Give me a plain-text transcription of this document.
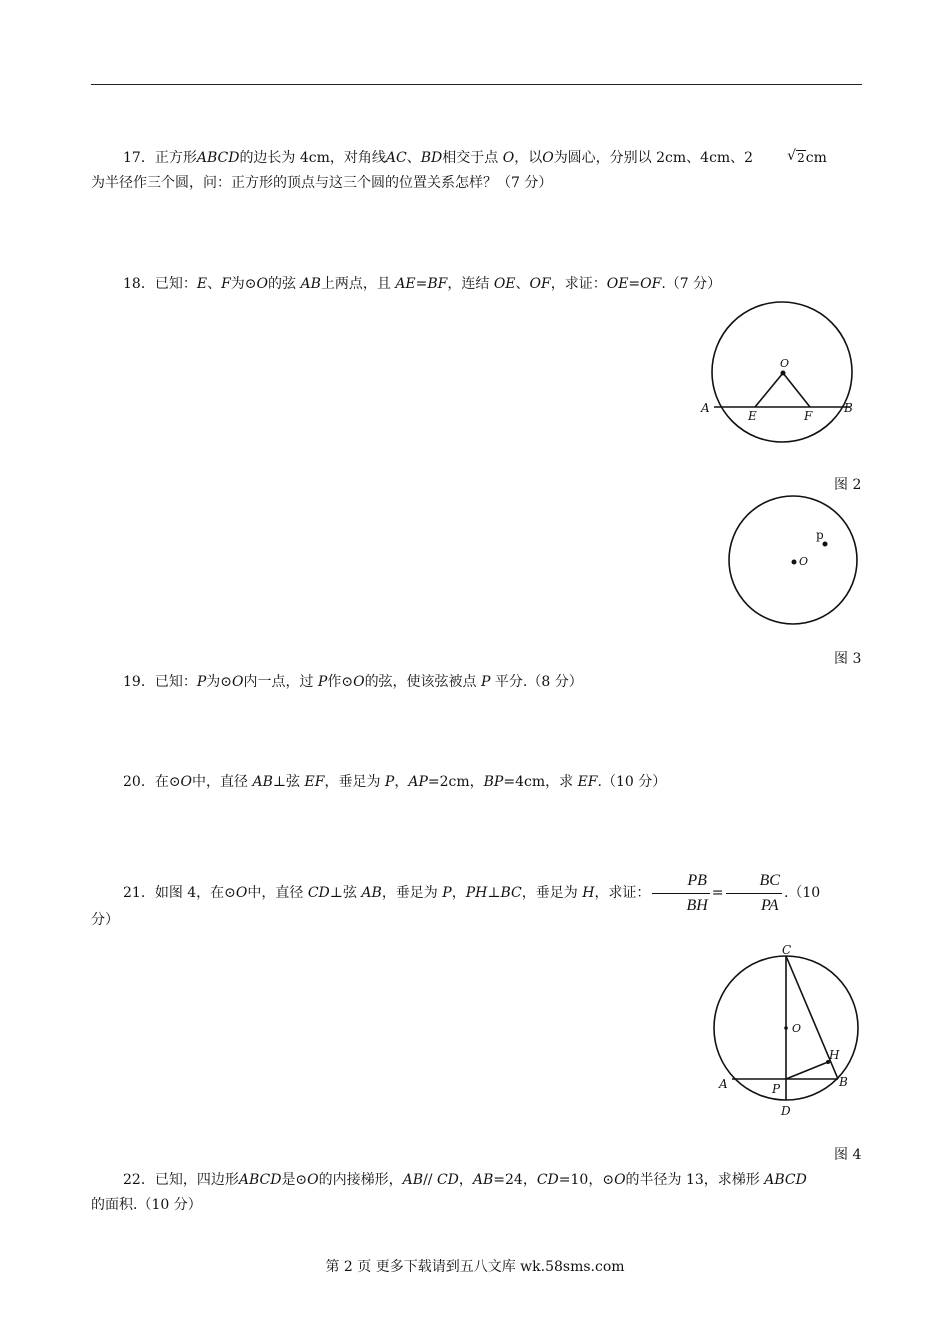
17．正方形ABCD的边长为 4cm，对角线AC、BD相交于点 O，以O为圆心，分别以 2cm、4cm、2	√ 2cm

为半径作三个圆，问：正方形的顶点与这三个圆的位置关系怎样？（7 分）

18．已知：E、F为⊙O的弦 AB上两点，且 AE=BF，连结 OE、OF，求证：OE=OF.（7 分）

O
A
E	F
B
图 2
p
O
图 3

19．已知：P为⊙O内一点，过 P作⊙O的弦，使该弦被点 P 平分.（8 分）

20．在⊙O中，直径 AB⊥弦 EF，垂足为 P，AP=2cm，BP=4cm，求 EF.（10 分）

21．如图 4，在⊙O中，直径 CD⊥弦 AB，垂足为 P，PH⊥BC，垂足为 H，求证： $\frac{PB}{BH} = \frac{BC}{PA} .(10$

分）

C
O
H
A	P	B
D
图 4

22．已知，四边形ABCD是⊙O的内接梯形，AB// CD，AB=24，CD=10，⊙O的半径为 13，求梯形 ABCD

的面积.（10 分）

第 2 页 更多下载请到五八文库 wk.58sms.com
